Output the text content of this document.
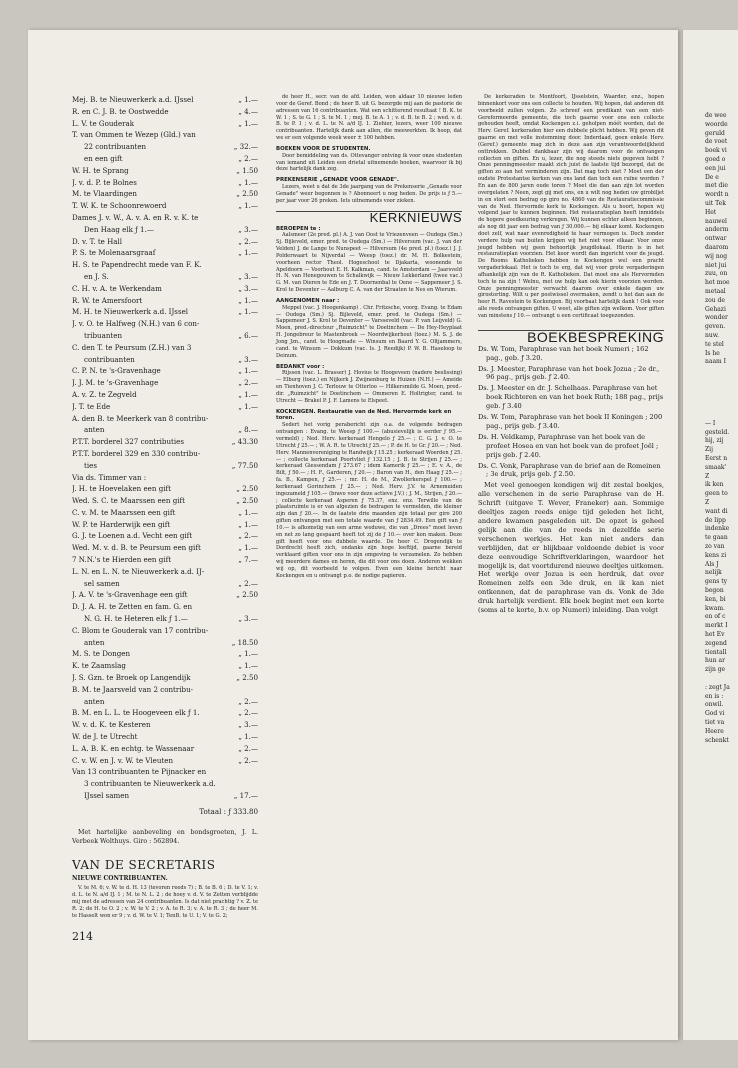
Mej. B. te Nieuwerkerk a.d. IJssel	„ 1.—
R. en C. J. B. te Oostwedde	„ 4.—
L. V. te Gouderak	„ 1.—
T. van Ommen te Wezep (Gld.) van
22 contribuanten	„ 32.—
en een gift	„ 2.—
W. H. te Sprang	„ 1.50
J. v. d. P. te Bolnes	„ 1.—
M. te Vlaardingen	„ 2.50
T. W. K. te Schoonrewoerd	„ 1.—
Dames J. v. W., A. v. A. en R. v. K. te
Den Haag elk ƒ 1.—	„ 3.—
D. v. T. te Hall	„ 2.—
P. S. te Molenaarsgraaf	„ 1.—
H. S. te Papendrecht mede van F. K.
en J. S.	„ 3.—
C. H. v. A. te Werkendam	„ 3.—
R. W. te Amersfoort	„ 1.—
M. H. te Nieuwerkerk a.d. IJssel	„ 1.—
J. v. O. te Halfweg (N.H.) van 6 con-
tribuanten	„ 6.—
C. den T. te Peursum (Z.H.) van 3
contribuanten	„ 3.—
C. P. N. te 's-Gravenhage	„ 1.—
J. J. M. te 's-Gravenhage	„ 2.—
A. v. Z. te Zegveld	„ 1.—
J. T. te Ede	„ 1.—
A. den B. te Meerkerk van 8 contribu-
anten	„ 8.—
P.T.T. borderel 327 contributies	„ 43.30
P.T.T. borderel 329 en 330 contribu-
ties	„ 77.50
Via ds. Timmer van :
J. H. te Hoevelaken een gift	„ 2.50
Wed. S. C. te Maarssen een gift	„ 2.50
C. v. M. te Maarssen een gift	„ 1.—
W. P. te Harderwijk een gift	„ 1.—
G. J. te Loenen a.d. Vecht een gift	„ 2.—
Wed. M. v. d. B. te Peursum een gift	„ 1.—
7 N.N.'s te Hierden een gift	„ 7.—
L. N. en L. N. te Nieuwerkerk a.d. IJ-
sel samen	„ 2.—
J. A. V. te 's-Gravenhage een gift	„ 2.50
D. J. A. H. te Zetten en fam. G. en
N. G. H. te Heteren elk ƒ 1.—	„ 3.—
C. Blom te Gouderak van 17 contribu-
anten	„ 18.50
M. S. te Dongen	„ 1.—
K. te Zaamslag	„ 1.—
J. S. Gzn. te Broek op Langendijk	„ 2.50
B. M. te Jaarsveld van 2 contribu-
anten	„ 2.—
B. M. en L. L. te Hoogeveen elk ƒ 1.	„ 2.—
W. v. d. K. te Kesteren	„ 3.—
W. de J. te Utrecht	„ 1.—
L. A. B. K. en echtg. te Wassenaar	„ 2.—
C. v. W. en J. v. W. te Vleuten	„ 2.—
Van 13 contribuanten te Pijnacker en
3 contribuanten te Nieuwerkerk a.d.
IJssel samen	„ 17.—
Totaal : ƒ 333.80

Met hartelijke aanbeveling en bondsgroeten, J. L. Verbeek Wolthuys. Giro : 562894.

VAN DE SECRETARIS
NIEUWE CONTRIBUANTEN.

V. te M. 6; v. W. te d. H. 13 (tevoren reeds 7) ; B. te B. 6 ; D. te V. 1; v. d. L. te N. a/d IJ. 1 ; M. te N. L. 2 ; de hoey v. d. V. te Zetten verblijdde mij met de adressen van 24 contribuanten. Is dat niet prachtig ? v. Z. te R. 2; de H. te O. 2 ; v. W. te V. 2 ; v. A. te R. 3; v. A. te R. 3 ; de heer M. te Hasselt won er 9 ; v. d. W. te V. 1; TenB. te U. 1; V. te G. 2;

de heer H., secr. van de afd. Leiden, won aldaar 10 nieuwe leden voor de Geref. Bond ; de heer B. uit G. bezorgde mij aan de pastorie de adressen van 16 contribuanten. Wat een schitterend resultaat ! B. K. te W. 1 ; S. te G. 1 ; S. te M. 1 ; mej. B. te A. 1 ; v. d. B. te B. 2 ; wed. v. d. B. te P. 1 ; v. d. L. te N. a/d IJ. 1. Ziehier, lezers, weer 100 nieuwe contribuanten. Hartelijk dank aan allen, die meewerkten. Ik hoop, dat we er een volgende week weer ± 100 hebben.

BOEKEN VOOR DE STUDENTEN.

Door bemiddeling van ds. Ottevanger ontving ik voor onze studenten van iemand uit Leiden een drietal uitnemende boeken, waarvoor ik bij deze hartelijk dank zeg.

PREKENSERIE „GENADE VOOR GENADE".

Lezers, weet u dat de 3de jaargang van de Prekenserie „Genade voor Genade" weer begonnen is ? Abonneert u nog heden. De prijs is ƒ 5.— per jaar voor 26 preken. Iets uitnemends voor zieken.

KERKNIEUWS
BEROEPEN te :

Aalsmeer (2e pred. pl.) A. J. van Oost te Vriezenveen — Oudega (Sm.) Sj. Bijleveld, emer. pred. te Oudega (Sm.) — Hilversum (vac. J. van der Velden) J. de Lange te Nunspeet — Hilversum (4e pred. pl.) (toez.) J. J. Polderwaart te Nijverdal — Weesp (toez.) dr. M. H. Bolkestein, voorheen rector Theol. Hogeschool te Djakarta, woonende te Apeldoorn — Voorhout E. H. Kalkman, cand. te Amsterdam — Jaarsveld H. N. van Henegouwen te Schalkwijk — Nieuw Lekkerland (twee vac.) G. M. van Dieren te Ede en J. T. Doornenbal te Oene — Sappemeer J. S. Krol te Deventer — Aalburg C. A. van der Straaten te Nes en Wierum.

AANGENOMEN naar :

Meppel (vac. J. Hoogenkamp) . Chr. Fritzsche, voorg. Evang. te Edam — Oudega (Sm.) Sj. Bijleveld, emer. pred. te Oudega (Sm.) — Sappemeer J. S. Krol te Deventer — Varsseveld (vac. P. van Leijveld) G. Moen, pred.-directeur „Ruimzicht" te Doetinchem — De Hey-Heyplaat H. Jongebreur te Mastenbroek — Noordwijkerhout (toez.) M. S. J. de Jong Jzn., cand. te Hoogmade — Winsum en Baard Y. G. Oltjammers, cand. te Winsum — Dokkum (vac. Is. J. Reedijk) P. W. B. Haseloop te Deinum.

BEDANKT voor :

Rijssen (vac. L. Brasser) J. Hovius te Hoogeveen (nadere beslissing) — Elburg (toez.) en Nijkerk J. Zwijnenburg te Huizen (N.H.) — Ameide en Tienhoven J. C. Terlouw te Otterloo — Hilkersmilde G. Moen, pred.-dir. „Ruimzicht" te Doetinchem — Ommeren E. Holtrigter, cand. te Utrecht — Brakel P. J. F. Lamens te Elspeet.

KOCKENGEN. Restauratie van de Ned. Hervormde kerk en toren.

Sedert het vorig perabericht zijn o.a. de volgende bedragen ontvangen : Evang. te Weesp ƒ 100.— (abusievelijk is eerder ƒ 95.— vermeld) ; Ned. Herv. kerkeraad Hengelo ƒ 25.— ; C. G. J. v. O. te Utrecht ƒ 25.— ; W. A. R. te Utrecht ƒ 25.— ; P. de H. te Gr. ƒ 20.— ; Ned. Herv. Mannenvereniging te Randwijk ƒ 15.25 ; kerkeraad Woerden ƒ 25.— ; collecte kerkeraad Poortvliet ƒ 132.15 ; J. B. te Strijen ƒ 25.— ; kerkeraad Giessendam ƒ 273.67 ; idem Kamerik ƒ 25.— ; E. v. A., de Bilt, ƒ 50.— ; H. F., Garderen, ƒ 20.— ; Baron van H., den Haag ƒ 25.— ; fa. B., Kampen, ƒ 25.— ; mr. H. de M., Zwollerkerspel ƒ 100.— ; kerkeraad Gorinchem ƒ 25.— ; Ned. Herv. J.V. te Arnemuiden ingezameld ƒ 105.— (bravo voor deze actieve J.V.) ; J. M., Strijen, ƒ 20.— ; collecte kerkeraad Asperen ƒ 75.37, enz. enz. Terwille van de plaatsruimte is er van afgezien de bedragen te vermelden, die kleiner zijn dan ƒ 20.—. In de laatste drie maanden zijn totaal per giro 200 giften ontvangen met een totale waarde van ƒ 2834.49. Een gift van ƒ 10.— is afkomstig van een arme weduwe, die van „Drees" moet leven en net zo lang gespaard heeft tot zij de ƒ 10.— over kon maken. Deze gift heeft voor ons dubbele waarde. De heer C. Drogendijk te Dordrecht heeft zich, ondanks zijn hoge leeftijd, gaarne bereid verklaard giften voor ons in zijn omgeving te verzamelen. Zo hebben wij meerdere dames en heren, die dit voor ons doen. Anderen wekken wij op, dit voorbeeld te volgen. Even een kleine bericht naar Kockengen en u ontvangt p.o. de nodige papieren.

De kerkeraden te Montfoort, IJsselstein, Waarder, enz., hopen binnenkort voor ons een collecte te houden. Wij hopen, dat anderen dit voorbeeld zullen volgen. Zo schreef een predikant van een niet-Gereformeerde gemeente, die toch gaarne voor ons een collecte gehouden heeft, omdat Kockengen z.i. geholpen móét worden, dat de Herv. Geref. kerkeraden hier een dubbele plicht hebben. Wij geven dit gaarne en met volle instemming door. Inderdaad, geen enkele Herv. (Geref.) gemeente mag zich in deze aan zijn verantwoordelijkheid onttrekken. Dubbel dankbaar zijn wij daarom voor de ontvangen collecten en giften. En u, lezer, die nog steeds niets gegeven hebt ? Onze penningmeester maakt zich juist de laatste tijd bezorgd, dat de giften zo aan het verminderen zijn. Dat mag toch niet ? Moet een der oudste Protestantse kerken van ons land dan toch een ruïne worden ? En aan de 800 jaren oude toren ? Moet die dan aan zijn lot worden overgelaten ? Neen, zegt gij met ons, en u wilt nog heden uw girobiljet in en stort een bedrag op giro no. 4860 van de Restauratiecommissie van de Ned. Hervormde kerk te Kockengen. Als u hoort, hopen wij volgend jaar te kunnen beginnen. Het restauratieplan heeft inmiddels de hogere goedkeuring verkregen. Wij kunnen echter alleen beginnen, als nog dit jaar een bedrag van ƒ 30.000.— bij elkaar komt. Kockengen doet zelf, wat naar evenredigheid te haar vermogen is. Doch zonder verdere hulp van buiten krijgen wij het niet voor elkaar. Voor onze jeugd hebben wij geen behoorlijk jeugdlokaal. Hierin is in het restauratieplan voorzien. Het koor wordt dan ingericht voor de jeugd. De Rooms Katholieken hebben in Kockengen wel een pracht vergaderlokaal. Het is toch te erg, dat wij voor grote vergaderingen afhankelijk zijn van de R. Katholieken. Dat moet ons als Hervormden toch te na zijn ! Welnu, met uw hulp kan ook hierin voorzien worden. Onze penningmeester verwacht daarom over enkele dagen uw girostorting. Wilt u per postwissel overmaken, zendt u het dan aan de heer R. Ravestein te Kockengen. Bij voorbaat hartelijk dank ! Ook voor alle reeds ontvangen giften. U weet, alle giften zijn welkom. Voor giften van minstens ƒ 10.— ontvangt u een certificaat toegezonden.

BOEKBESPREKING

Ds. W. Tom, Paraphrase van het boek Numeri ; 162 pag., geb. ƒ 3.20.

Ds. J. Meester, Paraphrase van het boek Jozua ; 2e dr., 96 pag., prijs geb. ƒ 2.40.

Ds. J. Meester en dr. J. Schelhaas. Paraphrase van het boek Richteren en van het boek Ruth; 188 pag., prijs geb. ƒ 3.40

Ds. W. Tom, Paraphrase van het boek II Koningen ; 200 pag., prijs geb. ƒ 3.40.

Ds. H. Veldkamp, Paraphrase van het boek van de profeet Hosea en van het boek van de profeet Joël ; prijs geb. ƒ 2.40.

Ds. C. Vonk, Paraphrase van de brief aan de Romeinen ; 3e druk, prijs geb. ƒ 2.50.

Met veel genoegen kondigen wij dit zestal boekjes, alle verschenen in de serie Paraphrase van de H. Schrift (uitgave T. Wever, Franeker) aan. Sommige deeltjes zagen reeds enige tijd geleden het licht, andere kwamen pasgeleden uit. De opzet is geheel gelijk aan die van de reeds in dezelfde serie verschenen werkjes. Het kan niet anders dan verblijden, dat er blijkbaar voldoende debiet is voor deze eenvoudige Schriftverklaringen, waardoor het mogelijk is, dat voortdurend nieuwe deeltjes uitkomen. Het werkje over Jozua is een herdruk, dat over Romeinen zelfs een 3de druk, en ik kan niet ontkennen, dat de paraphrase van ds. Vonk de 3de druk hartelijk verdient. Elk boek begint met een korte (soms al te korte, b.v. op Numeri) inleiding. Dan volgt

214
de wee
woorde
geruld
de voet
boek vi
goed o
een jui
De e
met die
wordt n
uit Tek
Het
nauwel
anderm
ontwar
daarom
wij nog
niet jui
zuu, on
het moe
metaal
zou de
Gehazi
wonder
geven.
nuw.
te stel
Is he
naam I

— I
gesteld.
hij, zij
Zij
Eerst n
smaak'
Z
ik ken
geen to
Z
want di
de lipp
indenke
te gaan
zo van
kens zi
Als J
nelijk
gens ty
begon
ken, bi
kwam.
en of c
merkt I
het Ev
zegend
tientall
hun ar
zijn ge

: zegt Ja
en is :
onwil.
God vi
tiet va
Heere
schenkt
